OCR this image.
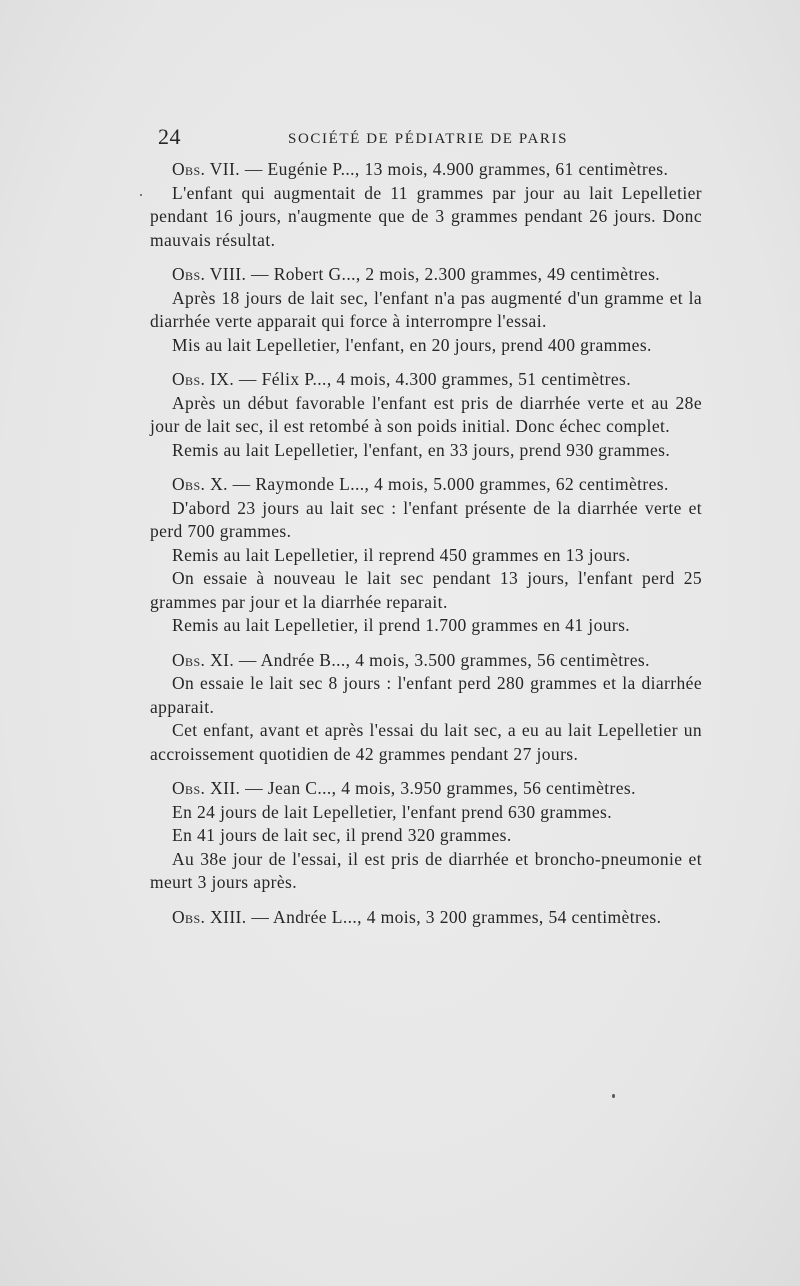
24	SOCIÉTÉ DE PÉDIATRIE DE PARIS

Obs. VII. — Eugénie P..., 13 mois, 4.900 grammes, 61 centimètres.

L'enfant qui augmentait de 11 grammes par jour au lait Lepelletier pendant 16 jours, n'augmente que de 3 grammes pendant 26 jours. Donc mauvais résultat.

Obs. VIII. — Robert G..., 2 mois, 2.300 grammes, 49 centimètres.

Après 18 jours de lait sec, l'enfant n'a pas augmenté d'un gramme et la diarrhée verte apparait qui force à interrompre l'essai.

Mis au lait Lepelletier, l'enfant, en 20 jours, prend 400 grammes.

Obs. IX. — Félix P..., 4 mois, 4.300 grammes, 51 centimètres.

Après un début favorable l'enfant est pris de diarrhée verte et au 28e jour de lait sec, il est retombé à son poids initial. Donc échec complet.

Remis au lait Lepelletier, l'enfant, en 33 jours, prend 930 grammes.

Obs. X. — Raymonde L..., 4 mois, 5.000 grammes, 62 centimètres.

D'abord 23 jours au lait sec : l'enfant présente de la diarrhée verte et perd 700 grammes.

Remis au lait Lepelletier, il reprend 450 grammes en 13 jours.

On essaie à nouveau le lait sec pendant 13 jours, l'enfant perd 25 grammes par jour et la diarrhée reparait.

Remis au lait Lepelletier, il prend 1.700 grammes en 41 jours.

Obs. XI. — Andrée B..., 4 mois, 3.500 grammes, 56 centimètres.

On essaie le lait sec 8 jours : l'enfant perd 280 grammes et la diarrhée apparait.

Cet enfant, avant et après l'essai du lait sec, a eu au lait Lepelletier un accroissement quotidien de 42 grammes pendant 27 jours.

Obs. XII. — Jean C..., 4 mois, 3.950 grammes, 56 centimètres.

En 24 jours de lait Lepelletier, l'enfant prend 630 grammes.

En 41 jours de lait sec, il prend 320 grammes.

Au 38e jour de l'essai, il est pris de diarrhée et broncho-pneumonie et meurt 3 jours après.

Obs. XIII. — Andrée L..., 4 mois, 3 200 grammes, 54 centimètres.
